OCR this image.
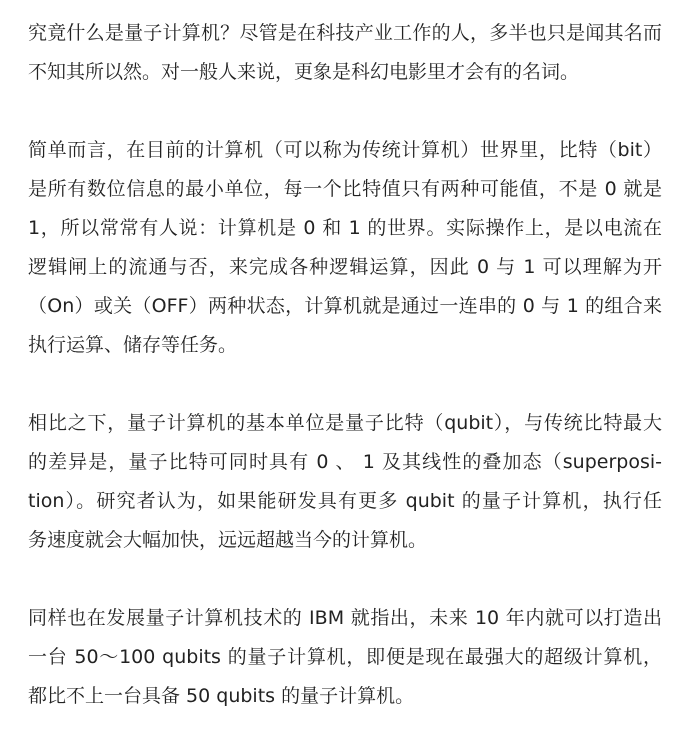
究竟什么是量子计算机？尽管是在科技产业工作的人，多半也只是闻其名而
不知其所以然。对一般人来说，更象是科幻电影里才会有的名词。

简单而言，在目前的计算机（可以称为传统计算机）世界里，比特（bit）
是所有数位信息的最小单位，每一个比特值只有两种可能值，不是 0 就是
1，所以常常有人说：计算机是 0 和 1 的世界。实际操作上，是以电流在
逻辑闸上的流通与否，来完成各种逻辑运算，因此 0 与 1 可以理解为开
（On）或关（OFF）两种状态，计算机就是通过一连串的 0 与 1 的组合来
执行运算、储存等任务。

相比之下，量子计算机的基本单位是量子比特（qubit），与传统比特最大
的差异是，量子比特可同时具有 0 、 1 及其线性的叠加态（superposi-
tion）。研究者认为，如果能研发具有更多 qubit 的量子计算机，执行任
务速度就会大幅加快，远远超越当今的计算机。

同样也在发展量子计算机技术的 IBM 就指出，未来 10 年内就可以打造出
一台 50～100 qubits 的量子计算机，即便是现在最强大的超级计算机，
都比不上一台具备 50 qubits 的量子计算机。
